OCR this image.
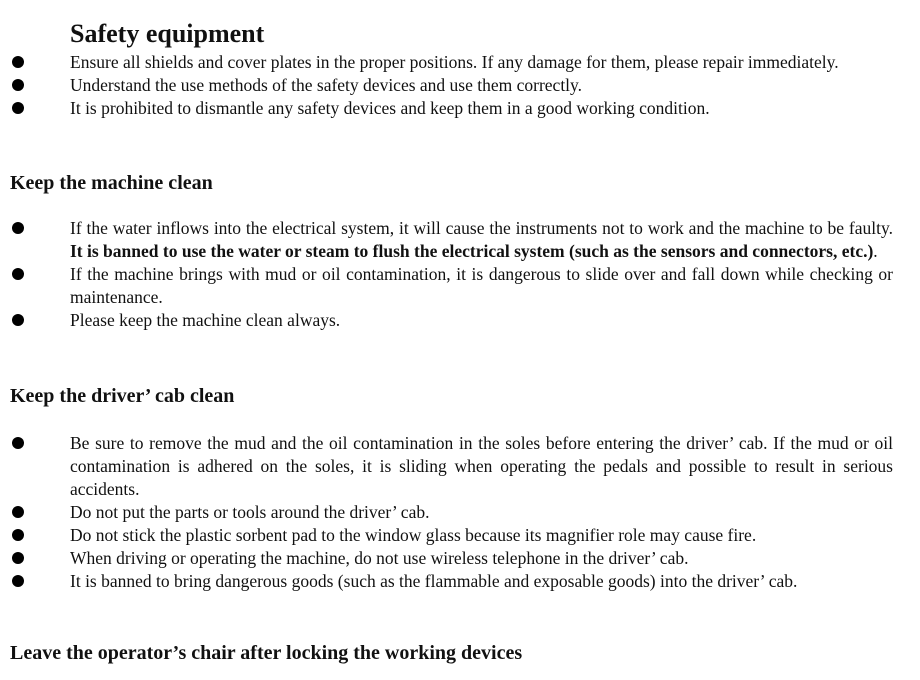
Safety equipment
Ensure all shields and cover plates in the proper positions. If any damage for them, please repair immediately.
Understand the use methods of the safety devices and use them correctly.
It is prohibited to dismantle any safety devices and keep them in a good working condition.
Keep the machine clean
If the water inflows into the electrical system, it will cause the instruments not to work and the machine to be faulty. It is banned to use the water or steam to flush the electrical system (such as the sensors and connectors, etc.).
If the machine brings with mud or oil contamination, it is dangerous to slide over and fall down while checking or maintenance.
Please keep the machine clean always.
Keep the driver’ cab clean
Be sure to remove the mud and the oil contamination in the soles before entering the driver’ cab. If the mud or oil contamination is adhered on the soles, it is sliding when operating the pedals and possible to result in serious accidents.
Do not put the parts or tools around the driver’ cab.
Do not stick the plastic sorbent pad to the window glass because its magnifier role may cause fire.
When driving or operating the machine, do not use wireless telephone in the driver’ cab.
It is banned to bring dangerous goods (such as the flammable and exposable goods) into the driver’ cab.
Leave the operator’s chair after locking the working devices
